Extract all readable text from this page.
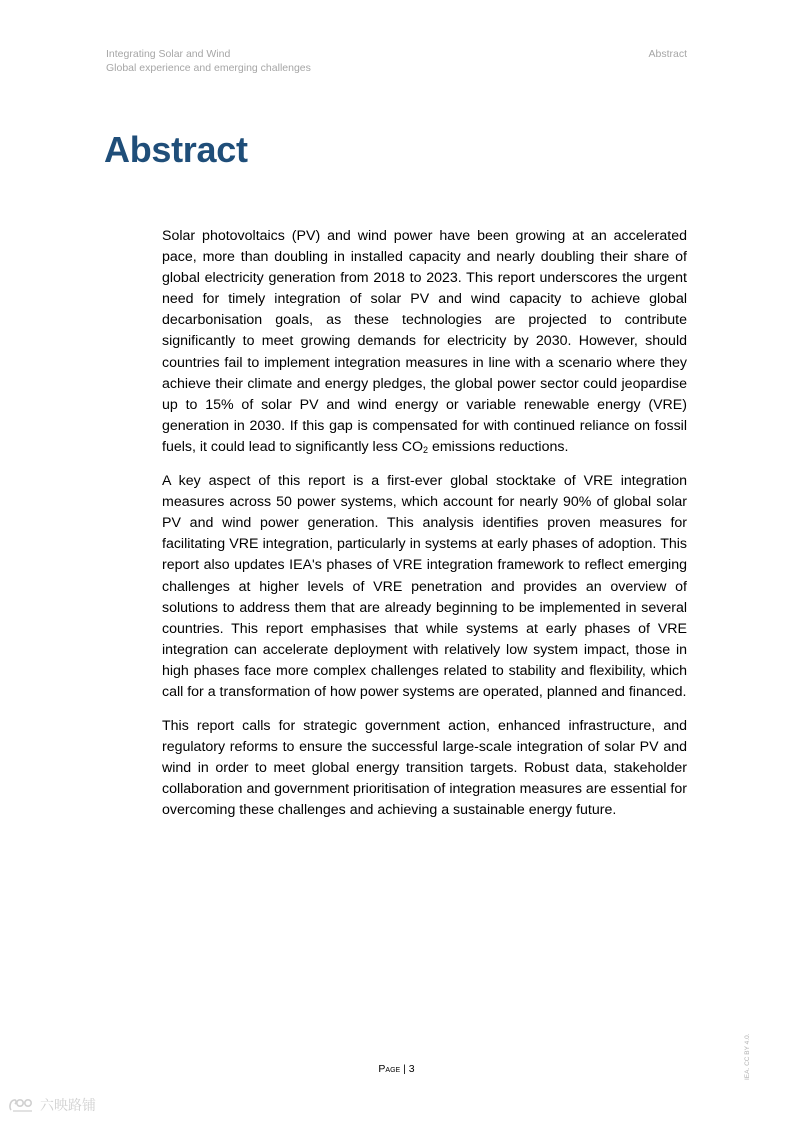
Integrating Solar and Wind
Global experience and emerging challenges
Abstract
Abstract

Solar photovoltaics (PV) and wind power have been growing at an accelerated pace, more than doubling in installed capacity and nearly doubling their share of global electricity generation from 2018 to 2023. This report underscores the urgent need for timely integration of solar PV and wind capacity to achieve global decarbonisation goals, as these technologies are projected to contribute significantly to meet growing demands for electricity by 2030. However, should countries fail to implement integration measures in line with a scenario where they achieve their climate and energy pledges, the global power sector could jeopardise up to 15% of solar PV and wind energy or variable renewable energy (VRE) generation in 2030. If this gap is compensated for with continued reliance on fossil fuels, it could lead to significantly less $CO_2$ emissions reductions.

A key aspect of this report is a first-ever global stocktake of VRE integration measures across 50 power systems, which account for nearly 90% of global solar PV and wind power generation. This analysis identifies proven measures for facilitating VRE integration, particularly in systems at early phases of adoption. This report also updates IEA's phases of VRE integration framework to reflect emerging challenges at higher levels of VRE penetration and provides an overview of solutions to address them that are already beginning to be implemented in several countries. This report emphasises that while systems at early phases of VRE integration can accelerate deployment with relatively low system impact, those in high phases face more complex challenges related to stability and flexibility, which call for a transformation of how power systems are operated, planned and financed.

This report calls for strategic government action, enhanced infrastructure, and regulatory reforms to ensure the successful large-scale integration of solar PV and wind in order to meet global energy transition targets. Robust data, stakeholder collaboration and government prioritisation of integration measures are essential for overcoming these challenges and achieving a sustainable energy future.

IEA. CC BY 4.0.
Page | 3
六映路铺
